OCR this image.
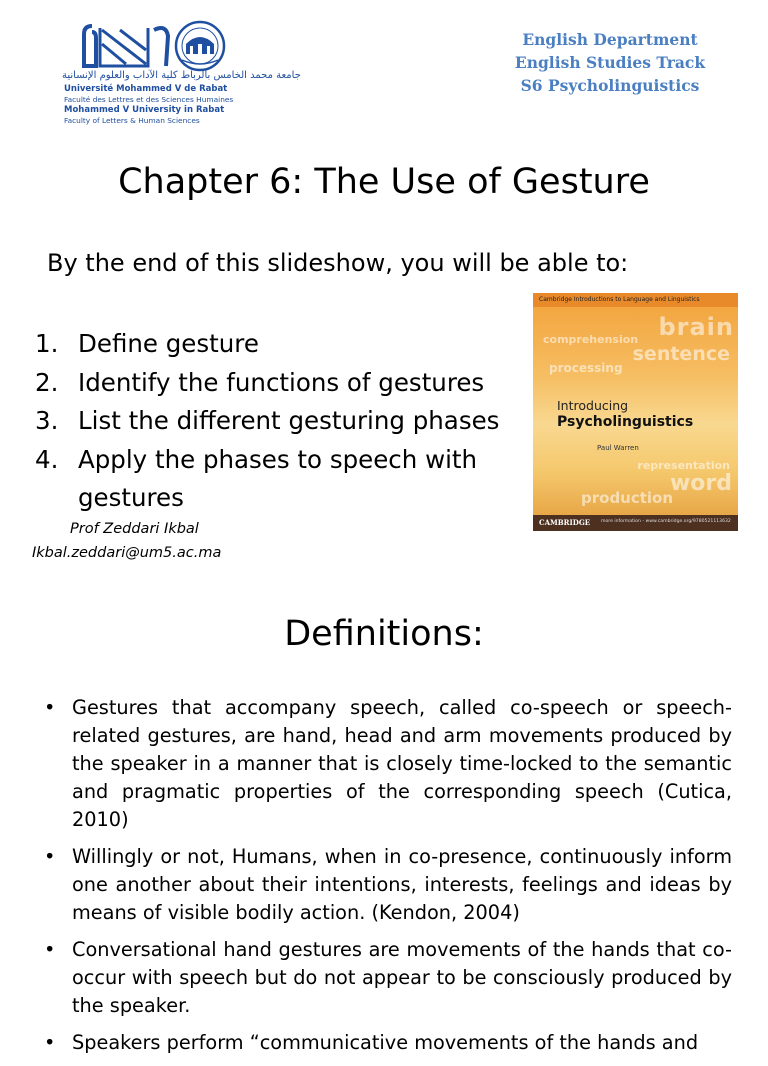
جامعة محمد الخامس بالرباط كلية الآداب والعلوم الإنسانية
Université Mohammed V de Rabat
Faculté des Lettres et des Sciences Humaines
Mohammed V University in Rabat
Faculty of Letters & Human Sciences
English Department
English Studies Track
S6 Psycholinguistics
Chapter 6: The Use of Gesture
By the end of this slideshow, you will be able to:
1. Define gesture
2. Identify the functions of gestures
3. List the different gesturing phases
4. Apply the phases to speech with gestures
Prof Zeddari Ikbal
Ikbal.zeddari@um5.ac.ma
Cambridge Introductions to Language and Linguistics
brain
comprehension
sentence
processing
representation
word
production
Introducing
Psycholinguistics
Paul Warren
CAMBRIDGE more information - www.cambridge.org/9780521113632
Definitions:
• Gestures that accompany speech, called co-speech or speech-related gestures, are hand, head and arm movements produced by the speaker in a manner that is closely time-locked to the semantic and pragmatic properties of the corresponding speech (Cutica, 2010)
• Willingly or not, Humans, when in co-presence, continuously inform one another about their intentions, interests, feelings and ideas by means of visible bodily action. (Kendon, 2004)
• Conversational hand gestures are movements of the hands that co-occur with speech but do not appear to be consciously produced by the speaker.
• Speakers perform “communicative movements of the hands and
